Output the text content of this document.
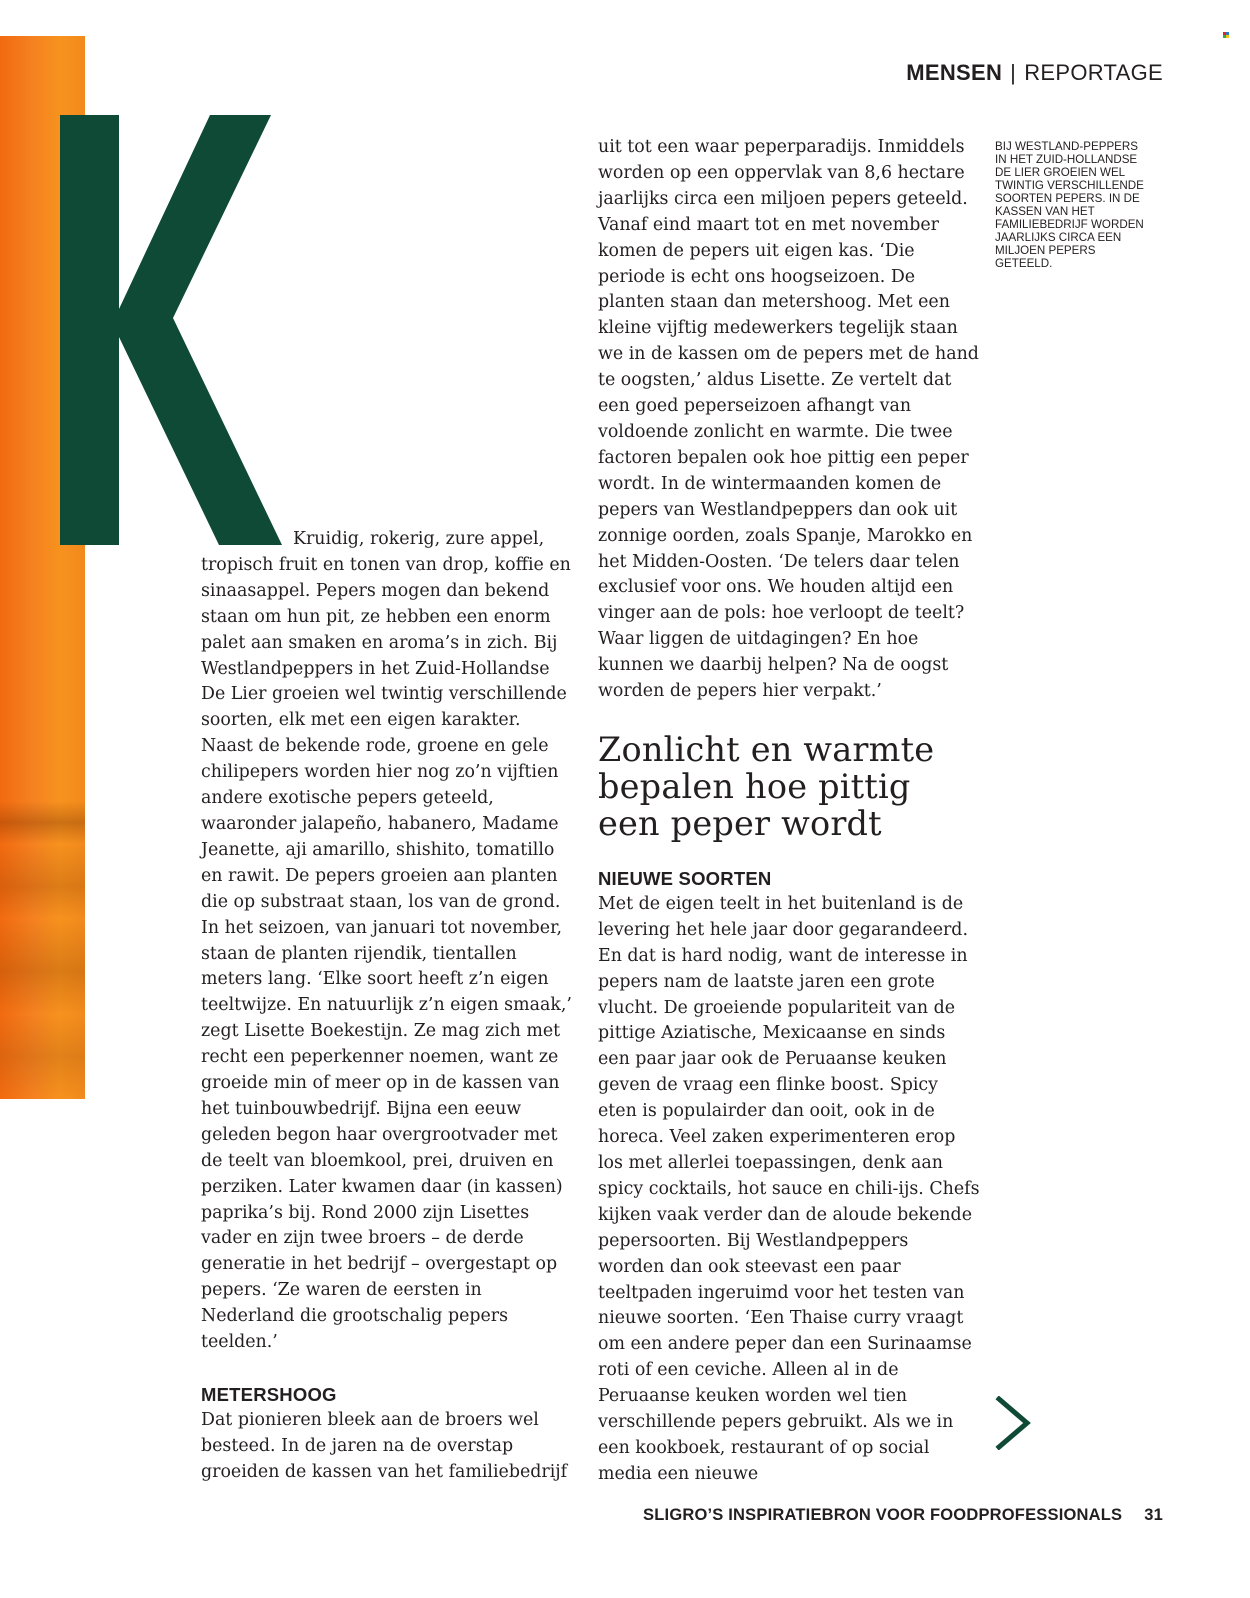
MENSEN | REPORTAGE

Kruidig, rokerig, zure appel, tropisch fruit en tonen van drop, koffie en sinaasappel. Pepers mogen dan bekend staan om hun pit, ze hebben een enorm palet aan smaken en aroma’s in zich. Bij Westlandpeppers in het Zuid-Hollandse De Lier groeien wel twintig verschillende soorten, elk met een eigen karakter. Naast de bekende rode, groene en gele chilipepers worden hier nog zo’n vijftien andere exotische pepers geteeld, waaronder jalapeño, habanero, Madame Jeanette, aji amarillo, shishito, tomatillo en rawit. De pepers groeien aan planten die op substraat staan, los van de grond. In het seizoen, van januari tot november, staan de planten rijendik, tientallen meters lang. ‘Elke soort heeft z’n eigen teeltwijze. En natuurlijk z’n eigen smaak,’ zegt Lisette Boekestijn. Ze mag zich met recht een peperkenner noemen, want ze groeide min of meer op in de kassen van het tuinbouwbedrijf. Bijna een eeuw geleden begon haar overgrootvader met de teelt van bloemkool, prei, druiven en perziken. Later kwamen daar (in kassen) paprika’s bij. Rond 2000 zijn Lisettes vader en zijn twee broers – de derde generatie in het bedrijf – overgestapt op pepers. ‘Ze waren de eersten in Nederland die grootschalig pepers teelden.’

METERSHOOG

Dat pionieren bleek aan de broers wel besteed. In de jaren na de overstap groeiden de kassen van het familiebedrijf

uit tot een waar peperparadijs. Inmiddels worden op een oppervlak van 8,6 hectare jaarlijks circa een miljoen pepers geteeld. Vanaf eind maart tot en met november komen de pepers uit eigen kas. ‘Die periode is echt ons hoogseizoen. De planten staan dan metershoog. Met een kleine vijftig medewerkers tegelijk staan we in de kassen om de pepers met de hand te oogsten,’ aldus Lisette. Ze vertelt dat een goed peperseizoen afhangt van voldoende zonlicht en warmte. Die twee factoren bepalen ook hoe pittig een peper wordt. In de wintermaanden komen de pepers van Westlandpeppers dan ook uit zonnige oorden, zoals Spanje, Marokko en het Midden-Oosten. ‘De telers daar telen exclusief voor ons. We houden altijd een vinger aan de pols: hoe verloopt de teelt? Waar liggen de uitdagingen? En hoe kunnen we daarbij helpen? Na de oogst worden de pepers hier verpakt.’

Zonlicht en warmte bepalen hoe pittig een peper wordt
NIEUWE SOORTEN

Met de eigen teelt in het buitenland is de levering het hele jaar door gegarandeerd. En dat is hard nodig, want de interesse in pepers nam de laatste jaren een grote vlucht. De groeiende populariteit van de pittige Aziatische, Mexicaanse en sinds een paar jaar ook de Peruaanse keuken geven de vraag een flinke boost. Spicy eten is populairder dan ooit, ook in de horeca. Veel zaken experimenteren erop los met allerlei toepassingen, denk aan spicy cocktails, hot sauce en chili-ijs. Chefs kijken vaak verder dan de aloude bekende pepersoorten. Bij Westlandpeppers worden dan ook steevast een paar teeltpaden ingeruimd voor het testen van nieuwe soorten. ‘Een Thaise curry vraagt om een andere peper dan een Surinaamse roti of een ceviche. Alleen al in de Peruaanse keuken worden wel tien verschillende pepers gebruikt. Als we in een kookboek, restaurant of op social media een nieuwe

BIJ WESTLAND-PEPPERS IN HET ZUID-HOLLANDSE DE LIER GROEIEN WEL TWINTIG VERSCHILLENDE SOORTEN PEPERS. IN DE KASSEN VAN HET FAMILIEBEDRIJF WORDEN JAARLIJKS CIRCA EEN MILJOEN PEPERS GETEELD.
SLIGRO’S INSPIRATIEBRON VOOR FOODPROFESSIONALS 31
